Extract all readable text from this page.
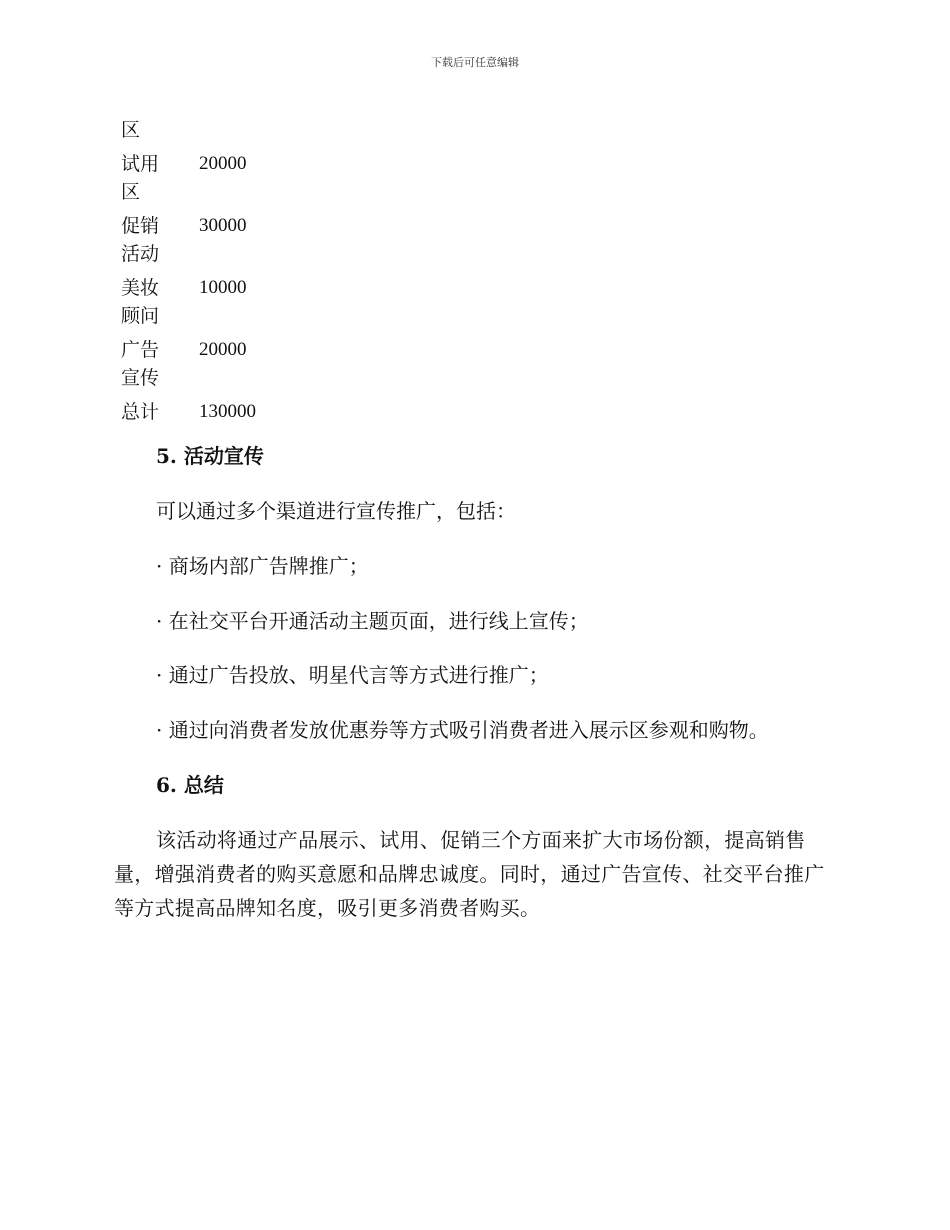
下载后可任意编辑
区
试用区
20000
促销活动
30000
美妆顾问
10000
广告宣传
20000
总计 130000
5. 活动宣传
可以通过多个渠道进行宣传推广，包括：
· 商场内部广告牌推广；
· 在社交平台开通活动主题页面，进行线上宣传；
· 通过广告投放、明星代言等方式进行推广；
· 通过向消费者发放优惠券等方式吸引消费者进入展示区参观和购物。
6. 总结
该活动将通过产品展示、试用、促销三个方面来扩大市场份额，提高销售量，增强消费者的购买意愿和品牌忠诚度。同时，通过广告宣传、社交平台推广等方式提高品牌知名度，吸引更多消费者购买。
